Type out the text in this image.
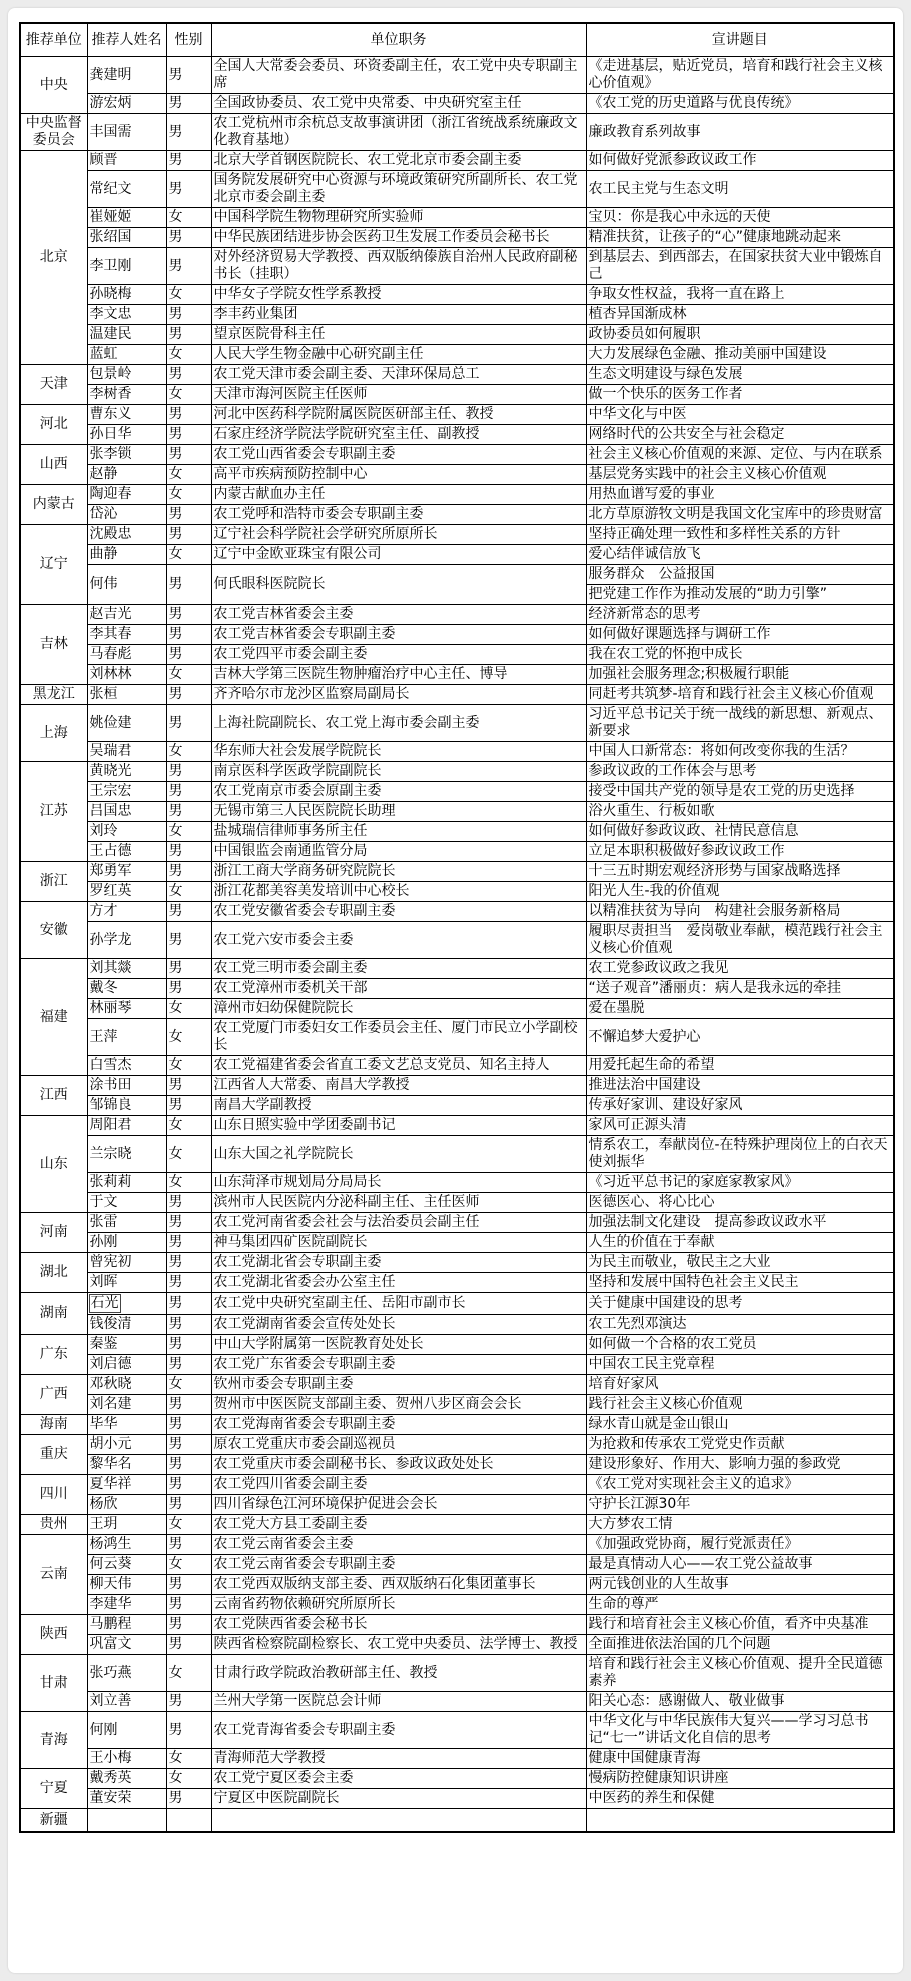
推荐单位	推荐人姓名	性别	单位职务	宣讲题目
中央	龚建明	男	全国人大常委会委员、环资委副主任，农工党中央专职副主席	《走进基层，贴近党员，培育和践行社会主义核心价值观》
	游宏炳	男	全国政协委员、农工党中央常委、中央研究室主任	《农工党的历史道路与优良传统》
中央监督委员会	丰国需	男	农工党杭州市余杭总支故事演讲团（浙江省统战系统廉政文化教育基地）	廉政教育系列故事
北京	顾晋	男	北京大学首钢医院院长、农工党北京市委会副主委	如何做好党派参政议政工作
	常纪文	男	国务院发展研究中心资源与环境政策研究所副所长、农工党北京市委会副主委	农工民主党与生态文明
	崔娅姬	女	中国科学院生物物理研究所实验师	宝贝：你是我心中永远的天使
	张绍国	男	中华民族团结进步协会医药卫生发展工作委员会秘书长	精准扶贫，让孩子的“心”健康地跳动起来
	李卫刚	男	对外经济贸易大学教授、西双版纳傣族自治州人民政府副秘书长（挂职）	到基层去、到西部去，在国家扶贫大业中锻炼自己
	孙晓梅	女	中华女子学院女性学系教授	争取女性权益，我将一直在路上
	李文忠	男	李丰药业集团	植杏异国渐成林
	温建民	男	望京医院骨科主任	政协委员如何履职
	蓝虹	女	人民大学生物金融中心研究副主任	大力发展绿色金融、推动美丽中国建设
天津	包景岭	男	农工党天津市委会副主委、天津环保局总工	生态文明建设与绿色发展
	李树香	女	天津市海河医院主任医师	做一个快乐的医务工作者
河北	曹东义	男	河北中医药科学院附属医院医研部主任、教授	中华文化与中医
	孙日华	男	石家庄经济学院法学院研究室主任、副教授	网络时代的公共安全与社会稳定
山西	张李锁	男	农工党山西省委会专职副主委	社会主义核心价值观的来源、定位、与内在联系
	赵静	女	高平市疾病预防控制中心	基层党务实践中的社会主义核心价值观
内蒙古	陶迎春	女	内蒙古献血办主任	用热血谱写爱的事业
	岱沁	男	农工党呼和浩特市委会专职副主委	北方草原游牧文明是我国文化宝库中的珍贵财富
辽宁	沈殿忠	男	辽宁社会科学院社会学研究所原所长	坚持正确处理一致性和多样性关系的方针
	曲静	女	辽宁中金欧亚珠宝有限公司	爱心结伴诚信放飞
	何伟	男	何氏眼科医院院长	服务群众　公益报国
				把党建工作作为推动发展的“助力引擎”
吉林	赵吉光	男	农工党吉林省委会主委	经济新常态的思考
	李其春	男	农工党吉林省委会专职副主委	如何做好课题选择与调研工作
	马春彪	男	农工党四平市委会副主委	我在农工党的怀抱中成长
	刘林林	女	吉林大学第三医院生物肿瘤治疗中心主任、博导	加强社会服务理念;积极履行职能
黑龙江	张桓	男	齐齐哈尔市龙沙区监察局副局长	同赶考共筑梦-培育和践行社会主义核心价值观
上海	姚俭建	男	上海社院副院长、农工党上海市委会副主委	习近平总书记关于统一战线的新思想、新观点、新要求
	吴瑞君	女	华东师大社会发展学院院长	中国人口新常态：将如何改变你我的生活？
江苏	黄晓光	男	南京医科学医政学院副院长	参政议政的工作体会与思考
	王宗宏	男	农工党南京市委会原副主委	接受中国共产党的领导是农工党的历史选择
	吕国忠	男	无锡市第三人民医院院长助理	浴火重生、行板如歌
	刘玲	女	盐城瑞信律师事务所主任	如何做好参政议政、社情民意信息
	王占德	男	中国银监会南通监管分局	立足本职积极做好参政议政工作
浙江	郑勇军	男	浙江工商大学商务研究院院长	十三五时期宏观经济形势与国家战略选择
	罗红英	女	浙江花都美容美发培训中心校长	阳光人生-我的价值观
安徽	方才	男	农工党安徽省委会专职副主委	以精准扶贫为导向　构建社会服务新格局
	孙学龙	男	农工党六安市委会主委	履职尽责担当　爱岗敬业奉献，模范践行社会主义核心价值观
福建	刘其燚	男	农工党三明市委会副主委	农工党参政议政之我见
	戴冬	男	农工党漳州市委机关干部	“送子观音”潘丽贞：病人是我永远的牵挂
	林丽琴	女	漳州市妇幼保健院院长	爱在墨脱
	王萍	女	农工党厦门市委妇女工作委员会主任、厦门市民立小学副校长	不懈追梦大爱护心
	白雪杰	女	农工党福建省委会省直工委文艺总支党员、知名主持人	用爱托起生命的希望
江西	涂书田	男	江西省人大常委、南昌大学教授	推进法治中国建设
	邹锦良	男	南昌大学副教授	传承好家训、建设好家风
山东	周阳君	女	山东日照实验中学团委副书记	家风可正源头清
	兰宗晓	女	山东大国之礼学院院长	情系农工，奉献岗位-在特殊护理岗位上的白衣天使刘振华
	张莉莉	女	山东菏泽市规划局分局局长	《习近平总书记的家庭家教家风》
	于文	男	滨州市人民医院内分泌科副主任、主任医师	医德医心、将心比心
河南	张雷	男	农工党河南省委会社会与法治委员会副主任	加强法制文化建设　提高参政议政水平
	孙刚	男	神马集团四矿医院副院长	人生的价值在于奉献
湖北	曾宪初	男	农工党湖北省会专职副主委	为民主而敬业，敬民主之大业
	刘晖	男	农工党湖北省委会办公室主任	坚持和发展中国特色社会主义民主
湖南	石光	男	农工党中央研究室副主任、岳阳市副市长	关于健康中国建设的思考
	钱俊清	男	农工党湖南省委会宣传处处长	农工先烈邓演达
广东	秦鉴	男	中山大学附属第一医院教育处处长	如何做一个合格的农工党员
	刘启德	男	农工党广东省委会专职副主委	中国农工民主党章程
广西	邓秋晓	女	钦州市委会专职副主委	培育好家风
	刘名建	男	贺州市中医医院支部副主委、贺州八步区商会会长	践行社会主义核心价值观
海南	毕华	男	农工党海南省委会专职副主委	绿水青山就是金山银山
重庆	胡小元	男	原农工党重庆市委会副巡视员	为抢救和传承农工党党史作贡献
	黎华名	男	农工党重庆市委会副秘书长、参政议政处处长	建设形象好、作用大、影响力强的参政党
四川	夏华祥	男	农工党四川省委会副主委	《农工党对实现社会主义的追求》
	杨欣	男	四川省绿色江河环境保护促进会会长	守护长江源30年
贵州	王玥	女	农工党大方县工委副主委	大方梦农工情
云南	杨鸿生	男	农工党云南省委会主委	《加强政党协商，履行党派责任》
	何云葵	女	农工党云南省委会专职副主委	最是真情动人心——农工党公益故事
	柳天伟	男	农工党西双版纳支部主委、西双版纳石化集团董事长	两元钱创业的人生故事
	李建华	男	云南省药物依赖研究所原所长	生命的尊严
陕西	马鹏程	男	农工党陕西省委会秘书长	践行和培育社会主义核心价值，看齐中央基准
	巩富文	男	陕西省检察院副检察长、农工党中央委员、法学博士、教授	全面推进依法治国的几个问题
甘肃	张巧燕	女	甘肃行政学院政治教研部主任、教授	培育和践行社会主义核心价值观、提升全民道德素养
	刘立善	男	兰州大学第一医院总会计师	阳关心态：感谢做人、敬业做事
青海	何刚	男	农工党青海省委会专职副主委	中华文化与中华民族伟大复兴——学习习总书记“七一”讲话文化自信的思考
	王小梅	女	青海师范大学教授	健康中国健康青海
宁夏	戴秀英	女	农工党宁夏区委会主委	慢病防控健康知识讲座
	董安荣	男	宁夏区中医院副院长	中医药的养生和保健
新疆				
